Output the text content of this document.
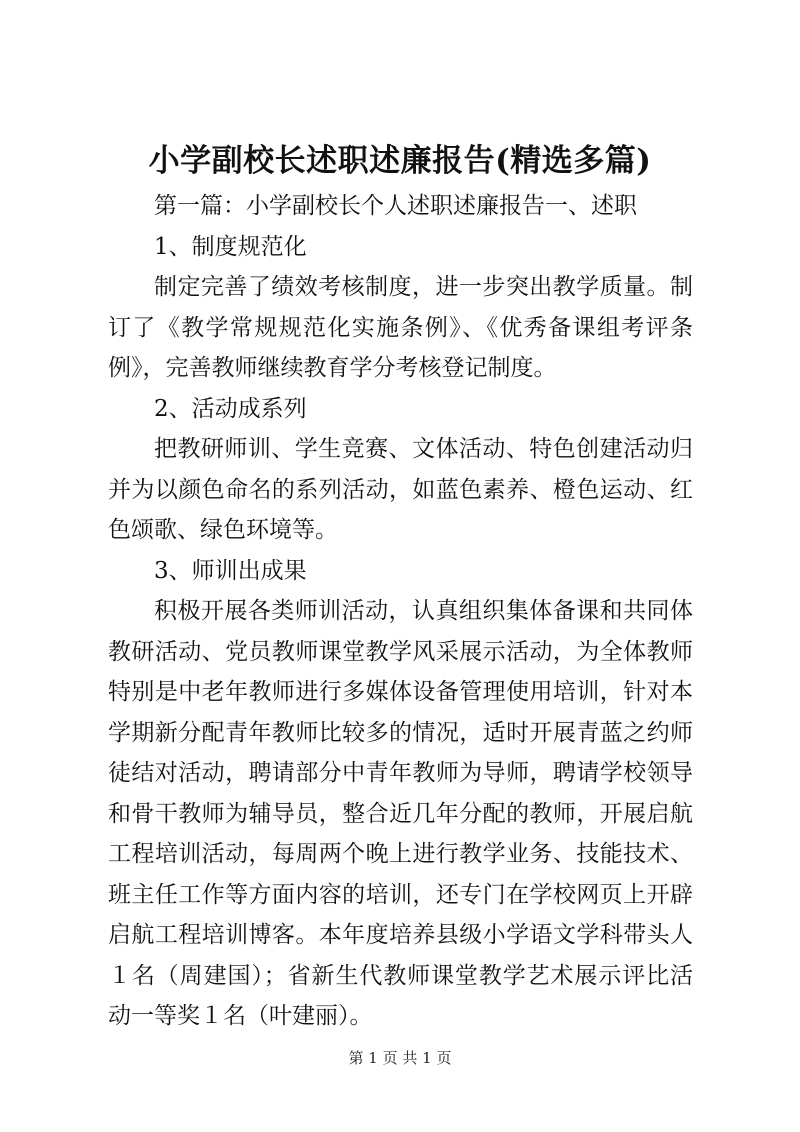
小学副校长述职述廉报告(精选多篇)

第一篇：小学副校长个人述职述廉报告一、述职

1、制度规范化

制定完善了绩效考核制度，进一步突出教学质量。制订了《教学常规规范化实施条例》、《优秀备课组考评条例》，完善教师继续教育学分考核登记制度。

2、活动成系列

把教研师训、学生竞赛、文体活动、特色创建活动归并为以颜色命名的系列活动，如蓝色素养、橙色运动、红色颂歌、绿色环境等。

3、师训出成果

积极开展各类师训活动，认真组织集体备课和共同体教研活动、党员教师课堂教学风采展示活动，为全体教师特别是中老年教师进行多媒体设备管理使用培训，针对本学期新分配青年教师比较多的情况，适时开展青蓝之约师徒结对活动，聘请部分中青年教师为导师，聘请学校领导和骨干教师为辅导员，整合近几年分配的教师，开展启航工程培训活动，每周两个晚上进行教学业务、技能技术、班主任工作等方面内容的培训，还专门在学校网页上开辟启航工程培训博客。本年度培养县级小学语文学科带头人１名（周建国）；省新生代教师课堂教学艺术展示评比活动一等奖１名（叶建丽）。

第 1 页 共 1 页
